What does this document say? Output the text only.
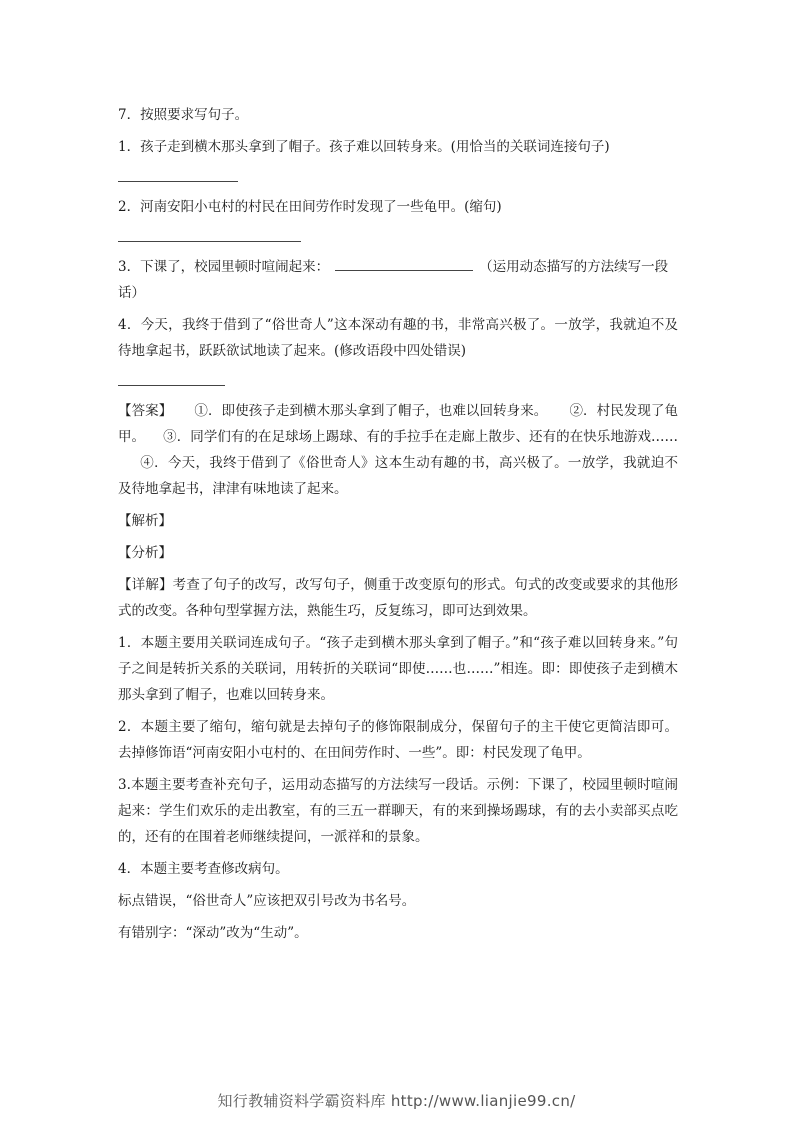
7．按照要求写句子。

1．孩子走到横木那头拿到了帽子。孩子难以回转身来。(用恰当的关联词连接句子)

2．河南安阳小屯村的村民在田间劳作时发现了一些龟甲。(缩句)

3．下课了，校园里顿时喧闹起来：	（运用动态描写的方法续写一段
话）

4．今天，我终于借到了“俗世奇人”这本深动有趣的书，非常高兴极了。一放学，我就迫不及待地拿起书，跃跃欲试地读了起来。(修改语段中四处错误)

【答案】 ①．即使孩子走到横木那头拿到了帽子，也难以回转身来。 ②．村民发现了龟甲。 ③．同学们有的在足球场上踢球、有的手拉手在走廊上散步、还有的在快乐地游戏……④．今天，我终于借到了《俗世奇人》这本生动有趣的书，高兴极了。一放学，我就迫不及待地拿起书，津津有味地读了起来。

【解析】

【分析】

【详解】考查了句子的改写，改写句子，侧重于改变原句的形式。句式的改变或要求的其他形式的改变。各种句型掌握方法，熟能生巧，反复练习，即可达到效果。

1．本题主要用关联词连成句子。“孩子走到横木那头拿到了帽子。”和“孩子难以回转身来。”句子之间是转折关系的关联词，用转折的关联词“即使……也……”相连。即：即使孩子走到横木那头拿到了帽子，也难以回转身来。

2．本题主要了缩句，缩句就是去掉句子的修饰限制成分，保留句子的主干使它更简洁即可。去掉修饰语“河南安阳小屯村的、在田间劳作时、一些”。即：村民发现了龟甲。

3.本题主要考查补充句子，运用动态描写的方法续写一段话。示例：下课了，校园里顿时喧闹起来：学生们欢乐的走出教室，有的三五一群聊天，有的来到操场踢球，有的去小卖部买点吃的，还有的在围着老师继续提问，一派祥和的景象。

4．本题主要考查修改病句。

标点错误，“俗世奇人”应该把双引号改为书名号。

有错别字：“深动”改为“生动”。

知行教辅资料学霸资料库 http://www.lianjie99.cn/
